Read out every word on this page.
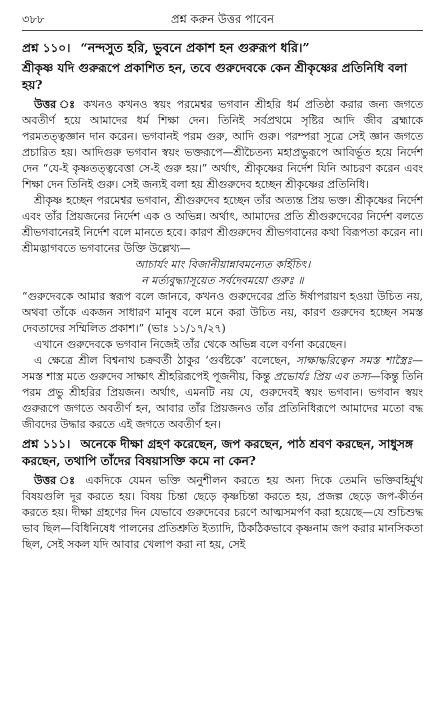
৩৮৮	প্রশ্ন করুন উত্তর পাবেন
প্রশ্ন ১১০। “নন্দসুত হরি, ভুবনে প্রকাশ হন গুরুরূপ ধরি।”
শ্রীকৃষ্ণ যদি গুরুরূপে প্রকাশিত হন, তবে গুরুদেবকে কেন শ্রীকৃষ্ণের প্রতিনিধি বলা হয়?

উত্তর ঃ কখনও কখনও স্বয়ং পরমেশ্বর ভগবান শ্রীহরি ধর্ম প্রতিষ্ঠা করার জন্য জগতে অবতীর্ণ হয়ে আমাদের ধর্ম শিক্ষা দেন। তিনিই সর্বপ্রথমে সৃষ্টির আদি জীব ব্রহ্মাকে পরমতত্ত্বজ্ঞান দান করেন। ভগবানই পরম গুরু, আদি গুরু। পরম্পরা সূত্রে সেই জ্ঞান জগতে প্রচারিত হয়। আদিগুরু ভগবান স্বয়ং ভক্তরূপে—শ্রীচৈতন্য মহাপ্রভুরূপে আবির্ভূত হয়ে নির্দেশ দেন “যে-ই কৃষ্ণতত্ত্ববেত্তা সে-ই গুরু হয়।” অর্থাৎ, শ্রীকৃষ্ণের নির্দেশ যিনি আচরণ করেন এবং শিক্ষা দেন তিনিই গুরু। সেই জন্যই বলা হয় শ্রীগুরুদেব হচ্ছেন শ্রীকৃষ্ণের প্রতিনিধি।

শ্রীকৃষ্ণ হচ্ছেন পরমেশ্বর ভগবান, শ্রীগুরুদেব হচ্ছেন তাঁর অত্যন্ত প্রিয় ভক্ত। শ্রীকৃষ্ণের নির্দেশ এবং তাঁর প্রিয়জনের নির্দেশ এক ও অভিন্ন। অর্থাৎ, আমাদের প্রতি শ্রীগুরুদেবের নির্দেশ বলতে শ্রীভগবানেরই নির্দেশ বলে মানতে হবে। কারণ শ্রীগুরুদেব শ্রীভগবানের কথা বিরূপতা করেন না। শ্রীমদ্ভাগবতে ভগবানের উক্তি উল্লেখ্য—

আচার্যং মাং বিজানীয়ান্নাবমন্যেত কর্হিচিৎ।
ন মর্ত্যবুদ্ধ্যাসূয়েত সর্বদেবময়ো গুরুঃ ॥

“গুরুদেবকে আমার স্বরূপ বলে জানবে, কখনও গুরুদেবের প্রতি ঈর্ষাপরায়ণ হওয়া উচিত নয়, অথবা তাঁকে একজন সাধারণ মানুষ বলে মনে করা উচিত নয়, কারণ গুরুদেব হচ্ছেন সমস্ত দেবতাদের সম্মিলিত প্রকাশ।” (ভাঃ ১১/১৭/২৭)

এখানে গুরুদেবকে ভগবান নিজেই তাঁর থেকে অভিন্ন বলে বর্ণনা করেছেন।

এ ক্ষেত্রে শ্রীল বিশ্বনাথ চক্রবর্তী ঠাকুর ‘গুর্বষ্টকে’ বলেছেন, সাক্ষাদ্ধরিত্বেন সমস্ত শাস্ত্রৈঃ—সমস্ত শাস্ত্র মতে গুরুদেব সাক্ষাৎ শ্রীহরিরূপেই পূজনীয়, কিন্তু প্রভোর্যঃ প্রিয় এব তস্য—কিন্তু তিনি পরম প্রভু শ্রীহরির প্রিয়জন। অর্থাৎ, এমনটি নয় যে, গুরুদেবই স্বয়ং ভগবান। ভগবান স্বয়ং গুরুরূপে জগতে অবতীর্ণ হন, আবার তাঁর প্রিয়জনও তাঁর প্রতিনিধিরূপে আমাদের মতো বদ্ধ জীবদের উদ্ধার করতে এই জগতে অবতীর্ণ হন।

প্রশ্ন ১১১। অনেকে দীক্ষা গ্রহণ করেছেন, জপ করছেন, পাঠ শ্রবণ করছেন, সাধুসঙ্গ করছেন, তথাপি তাঁদের বিষয়াসক্তি কমে না কেন?

উত্তর ঃ একদিকে যেমন ভক্তি অনুশীলন করতে হয় অন্য দিকে তেমনি ভক্তিবহির্মুখ বিষয়গুলি দূর করতে হয়। বিষয় চিন্তা ছেড়ে কৃষ্ণচিন্তা করতে হয়, প্রজল্প ছেড়ে জপ-কীর্তন করতে হয়। দীক্ষা গ্রহণের দিন যেভাবে গুরুদেবের চরণে আত্মসমর্পণ করা হয়েছে—যে শুচিশুদ্ধ ভাব ছিল—বিধিনিষেধ পালনের প্রতিশ্রুতি ইত্যাদি, ঠিকঠিকভাবে কৃষ্ণনাম জপ করার মানসিকতা ছিল, সেই সকল যদি আবার খেলাপ করা না হয়, সেই
